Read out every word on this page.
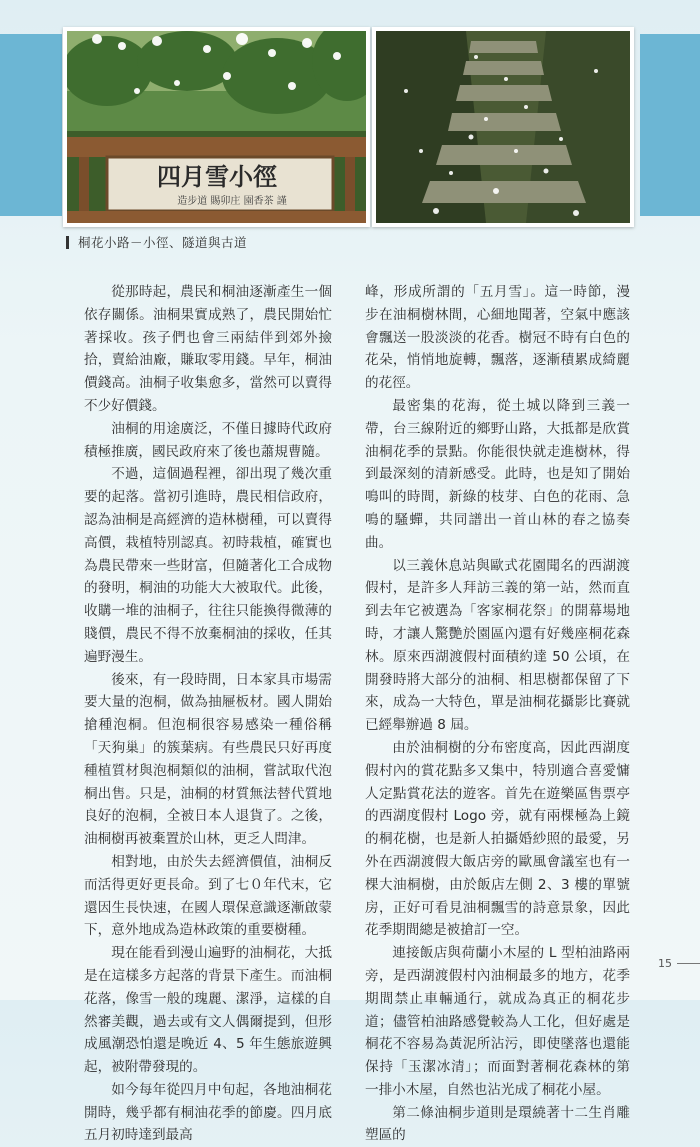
四月雪小徑
造步道 賜卯庄 園香茶 謹
桐花小路－小徑、隧道與古道

從那時起，農民和桐油逐漸產生一個依存關係。油桐果實成熟了，農民開始忙著採收。孩子們也會三兩結伴到郊外撿拾，賣給油廠，賺取零用錢。早年，桐油價錢高。油桐子收集愈多，當然可以賣得不少好價錢。

油桐的用途廣泛，不僅日據時代政府積極推廣，國民政府來了後也蕭規曹隨。

不過，這個過程裡，卻出現了幾次重要的起落。當初引進時，農民相信政府，認為油桐是高經濟的造林樹種，可以賣得高價，栽植特別認真。初時栽植，確實也為農民帶來一些財富，但隨著化工合成物的發明，桐油的功能大大被取代。此後，收購一堆的油桐子，往往只能換得微薄的賤價，農民不得不放棄桐油的採收，任其遍野漫生。

後來，有一段時間，日本家具市場需要大量的泡桐，做為抽屜板材。國人開始搶種泡桐。但泡桐很容易感染一種俗稱「天狗巢」的簇葉病。有些農民只好再度種植質材與泡桐類似的油桐，嘗試取代泡桐出售。只是，油桐的材質無法替代質地良好的泡桐，全被日本人退貨了。之後，油桐樹再被棄置於山林，更乏人問津。

相對地，由於失去經濟價值，油桐反而活得更好更長命。到了七０年代末，它還因生長快速，在國人環保意識逐漸啟蒙下，意外地成為造林政策的重要樹種。

現在能看到漫山遍野的油桐花，大抵是在這樣多方起落的背景下產生。而油桐花落，像雪一般的瑰麗、潔淨，這樣的自然審美觀，過去或有文人偶爾提到，但形成風潮恐怕還是晚近 4、5 年生態旅遊興起，被附帶發現的。

如今每年從四月中旬起，各地油桐花開時，幾乎都有桐油花季的節慶。四月底五月初時達到最高

峰，形成所謂的「五月雪」。這一時節，漫步在油桐樹林間，心細地聞著，空氣中應該會飄送一股淡淡的花香。樹冠不時有白色的花朵，悄悄地旋轉，飄落，逐漸積累成綺麗的花徑。

最密集的花海，從土城以降到三義一帶，台三線附近的鄉野山路，大抵都是欣賞油桐花季的景點。你能很快就走進樹林，得到最深刻的清新感受。此時，也是知了開始鳴叫的時間，新綠的枝芽、白色的花雨、急鳴的騷蟬，共同譜出一首山林的春之協奏曲。

以三義休息站與歐式花園聞名的西湖渡假村，是許多人拜訪三義的第一站，然而直到去年它被選為「客家桐花祭」的開幕場地時，才讓人驚艷於園區內還有好幾座桐花森林。原來西湖渡假村面積約達 50 公頃，在開發時將大部分的油桐、相思樹都保留了下來，成為一大特色，單是油桐花攝影比賽就已經舉辦過 8 屆。

由於油桐樹的分布密度高，因此西湖度假村內的賞花點多又集中，特別適合喜愛慵人定點賞花法的遊客。首先在遊樂區售票亭的西湖度假村 Logo 旁，就有兩棵極為上鏡的桐花樹，也是新人拍攝婚紗照的最愛，另外在西湖渡假大飯店旁的歐風會議室也有一棵大油桐樹，由於飯店左側 2、3 樓的單號房，正好可看見油桐飄雪的詩意景象，因此花季期間總是被搶訂一空。

連接飯店與荷蘭小木屋的 L 型柏油路兩旁，是西湖渡假村內油桐最多的地方，花季期間禁止車輛通行，就成為真正的桐花步道；儘管柏油路感覺較為人工化，但好處是桐花不容易為黃泥所沾污，即使墜落也還能保持「玉潔冰清」；而面對著桐花森林的第一排小木屋，自然也沾光成了桐花小屋。

第二條油桐步道則是環繞著十二生肖雕塑區的

15
